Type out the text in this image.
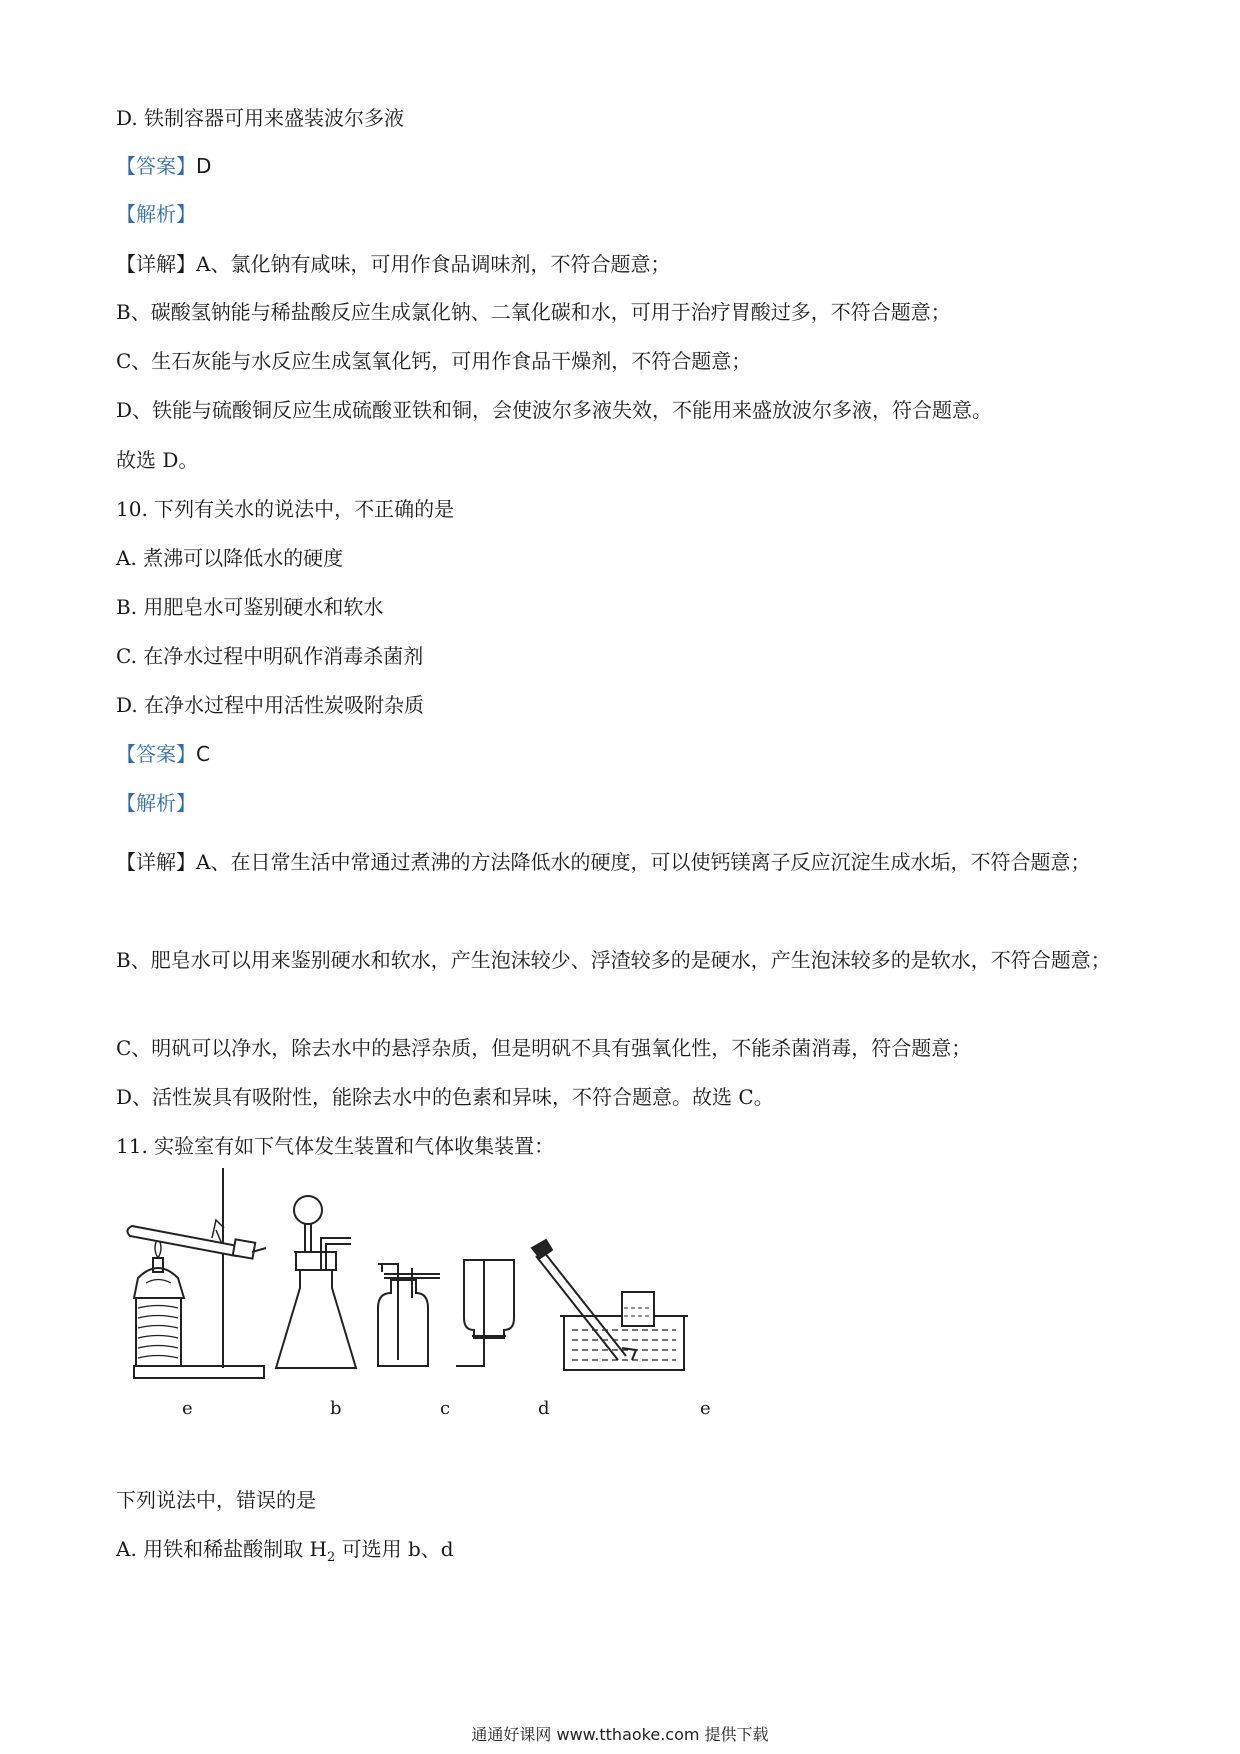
D. 铁制容器可用来盛装波尔多液
【答案】D
【解析】
【详解】A、氯化钠有咸味，可用作食品调味剂，不符合题意；
B、碳酸氢钠能与稀盐酸反应生成氯化钠、二氧化碳和水，可用于治疗胃酸过多，不符合题意；
C、生石灰能与水反应生成氢氧化钙，可用作食品干燥剂，不符合题意；
D、铁能与硫酸铜反应生成硫酸亚铁和铜，会使波尔多液失效，不能用来盛放波尔多液，符合题意。
故选 D。
10. 下列有关水的说法中，不正确的是
A. 煮沸可以降低水的硬度
B. 用肥皂水可鉴别硬水和软水
C. 在净水过程中明矾作消毒杀菌剂
D. 在净水过程中用活性炭吸附杂质
【答案】C
【解析】
【详解】A、在日常生活中常通过煮沸的方法降低水的硬度，可以使钙镁离子反应沉淀生成水垢，不符合题意；
B、肥皂水可以用来鉴别硬水和软水，产生泡沫较少、浮渣较多的是硬水，产生泡沫较多的是软水，不符合题意；
C、明矾可以净水，除去水中的悬浮杂质，但是明矾不具有强氧化性，不能杀菌消毒，符合题意；
D、活性炭具有吸附性，能除去水中的色素和异味，不符合题意。故选 C。
11. 实验室有如下气体发生装置和气体收集装置：
e	b	c	d	e
下列说法中，错误的是
A. 用铁和稀盐酸制取 $H_2$ 可选用 b、d
通通好课网 www.tthaoke.com 提供下载
